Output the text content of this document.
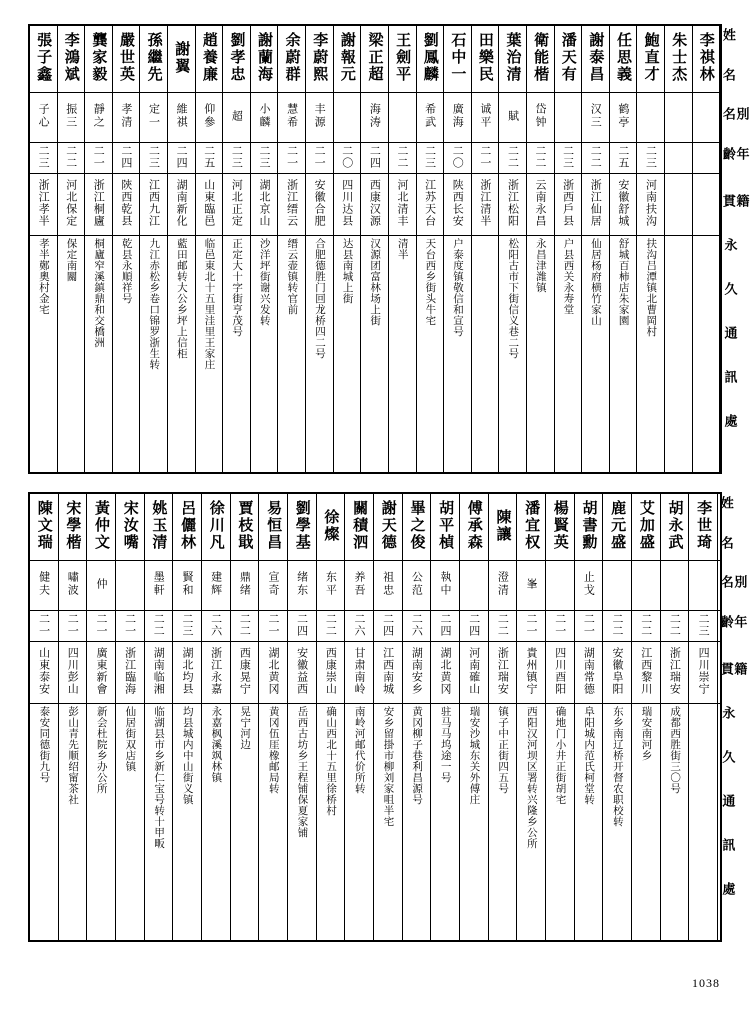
張子鑫	李鴻斌	龔家毅	嚴世英	孫繼先	謝翼	趙養廉	劉孝忠	謝蘭海	余蔚群	李蔚熙	謝報元	梁正超	王劍平	劉鳳麟	石中一	田樂民	葉治清	衛能楷	潘天有	謝泰昌	任思義	鮑直才	朱士杰	李祺林	姓 名
子心	振三	靜之	孝清	定一	維祺	仰參	超	小麟	慧希	丰源		海涛		希武	廣海	诚平	賦	岱钟		汉三	鹤亭				別 名
二三	二二	二一	二四	二三	二四	二五	二三	二三	二一	二一	二〇	二四	二二	二三	二〇	二一	二二	二二	二三	二二	二五	二三			年 齡
浙江孝半	河北保定	浙江桐廬	陝西乾县	江西九江	湖南新化	山東臨邑	河北正定	湖北京山	浙江缙云	安徽合肥	四川达县	西康汉源	河北清丰	江苏天台	陕西长安	浙江清半	浙江松阳	云南永昌	浙西戶县	浙江仙居	安徽舒城	河南扶沟			籍 貫
孝半鄭奧村金宅	保定南關	桐廬窄溪鎮鼎和交橋洲	乾县永順祥号	九江赤松乡卷口锦罗浙生转	藍田邮转大公乡坪上信柜	临邑東北十五里洼里王家庄	正定大十字街亨茂号	沙洋坪街谢兴发转	缙云壶镇转官前	合肥德胜门回龙桥四二号	达县南城上街	汉源团富林场上街	清半	天台西乡街头牛宅	户泰度镇敬信和宣号		松阳古市下街信义巷二号	永昌津潍镇	户县西关永寿堂	仙居杨府横竹家山	舒城百柿店朱家園	扶沟吕潭镇北曹岡村			永 久 通 訊 處
陳文瑞	宋學楷	黃仲文	宋汝嘴	姚玉清	呂儷林	徐川凡	賈枝戢	易恒昌	劉學基	徐燦	關積泗	謝天德	畢之俊	胡平楨	傅承森	陳讓	潘宜权	楊賢英	胡書勳	鹿元盛	艾加盛	胡永武	李世琦	姓 名
健夫	嘯波	仲		墨軒	賢和	建辉	鼎绪	宣奇	绪东	东平	养吾	祖忠	公范	執中		澄清	峯		止戈					別 名
二一	二一	二一	二一	二二	二三	二六	二二	二一	二四	二二	二六	二四	二六	二四	二四	二二	二一	二一	二一	二二	二二	二二	二三	年 齡
山東泰安	四川彭山	廣東新會	浙江臨海	湖南临湘	湖北均县	浙江永嘉	西康晃宁	湖北黄冈	安徽益西	西康崇山	甘肃南岭	江西南城	湖南安乡	湖北黄冈	河南確山	浙江瑞安	貴州镇宁	四川酉阳	湖南常德	安徽阜阳	江西黎川	浙江瑞安	四川崇宁	籍 貫
泰安同德街九号	彭山青先顺绍甯茶社	新会杜院乡办公所	仙居街双店镇	临湖县市乡新仁宝号转十甲畈	均县城内中山街义镇	永嘉枫溪飒林镇	晃宁河边	黄冈伍厓橡邮局转	岳西古坊乡王程铺保夏家铺	确山西北十五里徐桥村	南岭河邮代价所转	安乡留掛市柳刘家咀半宅	黄冈柳子巷利昌源号	驻马马坞途一号	瑞安沙城东关外傅庄	镇子中正街四五号	西阳汉河坝区署转兴隆乡公所	确地门小井正街胡宅	阜阳城内范氏柯堂转	东乡南辽桥开督农职校转	瑞安南河乡	成都西胜街三〇号		永 久 通 訊 處
1038
